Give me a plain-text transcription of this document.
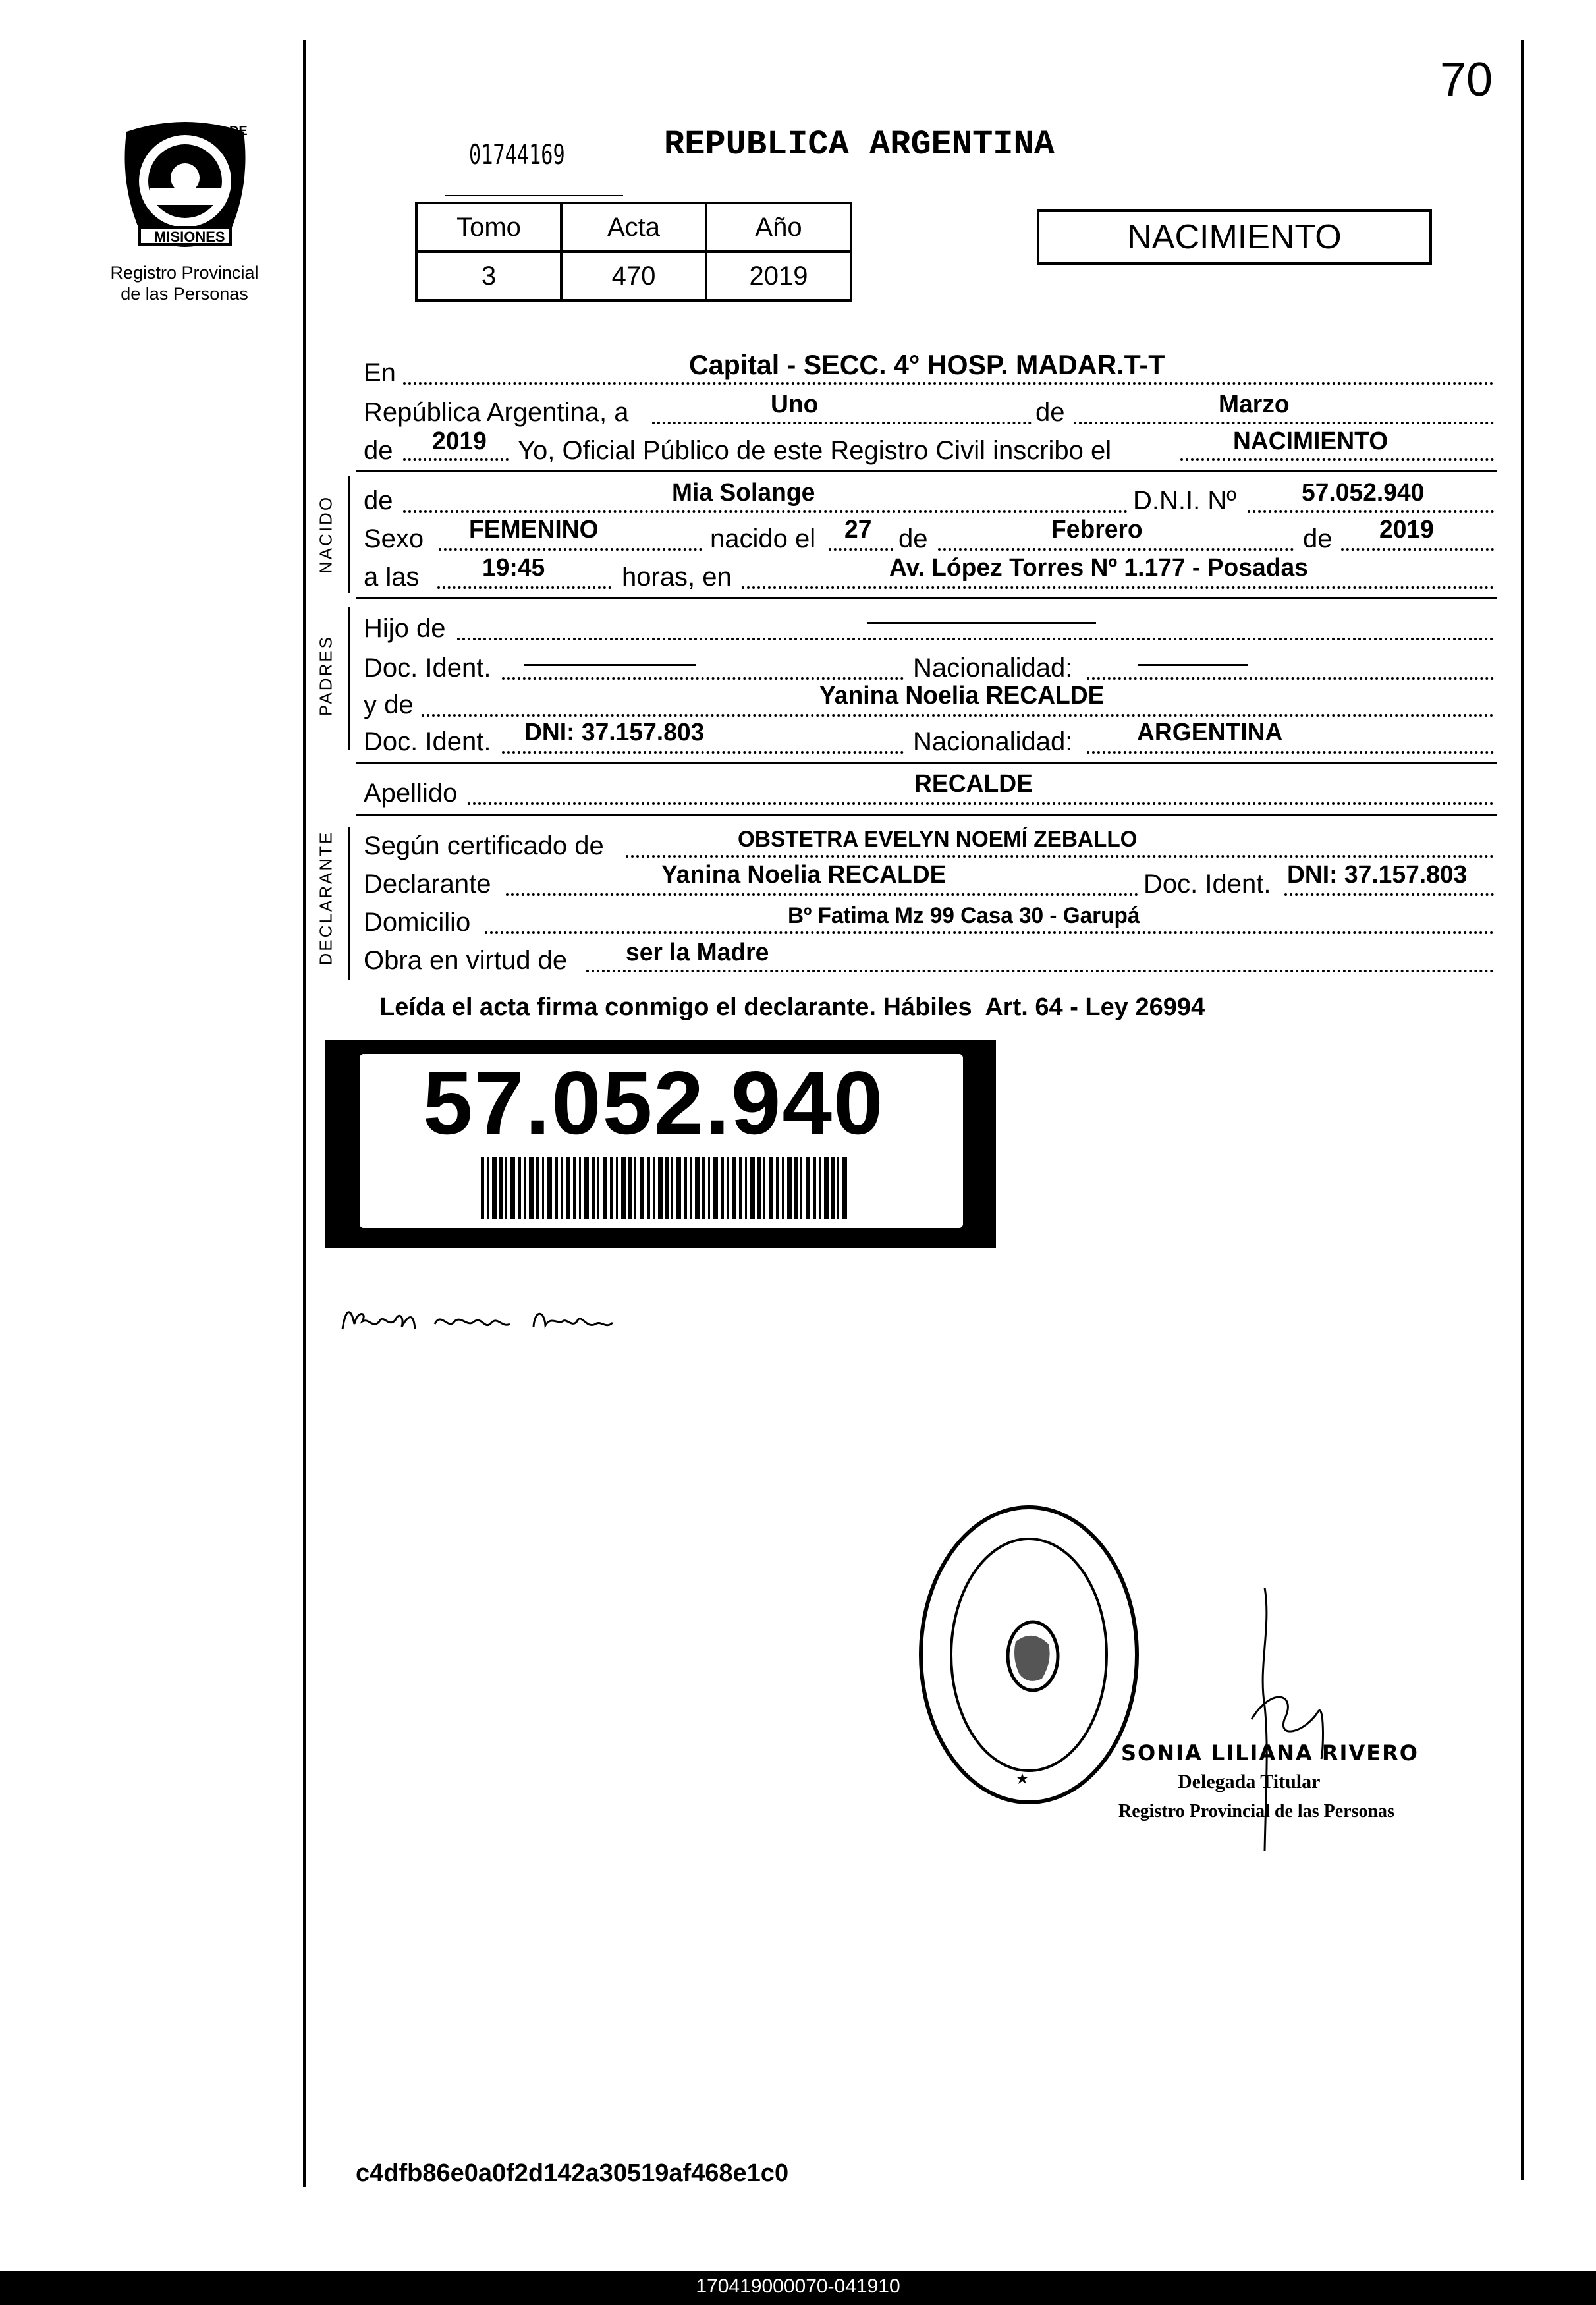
70
PROVINCIA DE
MISIONES
Registro Provincial
de las Personas
01744169	REPUBLICA ARGENTINA
Tomo	Acta	Año
3	470	2019
NACIMIENTO
En	Capital - SECC. 4° HOSP. MADAR.T-T
República Argentina, a	Uno	de	Marzo
de 2019 Yo, Oficial Público de este Registro Civil inscribo el	NACIMIENTO
NACIDO de	Mia Solange	D.N.I. Nº	57.052.940
Sexo FEMENINO	nacido el 27 de	Febrero	de 2019
a las	19:45	horas, en	Av. López Torres Nº 1.177 - Posadas
PADRES
Hijo de
Doc. Ident.	Nacionalidad:
y de	Yanina Noelia RECALDE
Doc. Ident. DNI: 37.157.803	Nacionalidad:	ARGENTINA
Apellido	RECALDE
DECLARANTE Según certificado de	OBSTETRA EVELYN NOEMÍ ZEBALLO
Declarante	Yanina Noelia RECALDE	Doc. Ident. DNI: 37.157.803
Domicilio	Bº Fatima Mz 99 Casa 30 - Garupá
Obra en virtud de ser la Madre
Leída el acta firma conmigo el declarante. Hábiles  Art. 64 - Ley 26994
57.052.940
SONIA LILIANA RIVERO
Delegada Titular
Registro Provincial de las Personas
c4dfb86e0a0f2d142a30519af468e1c0
170419000070-041910
